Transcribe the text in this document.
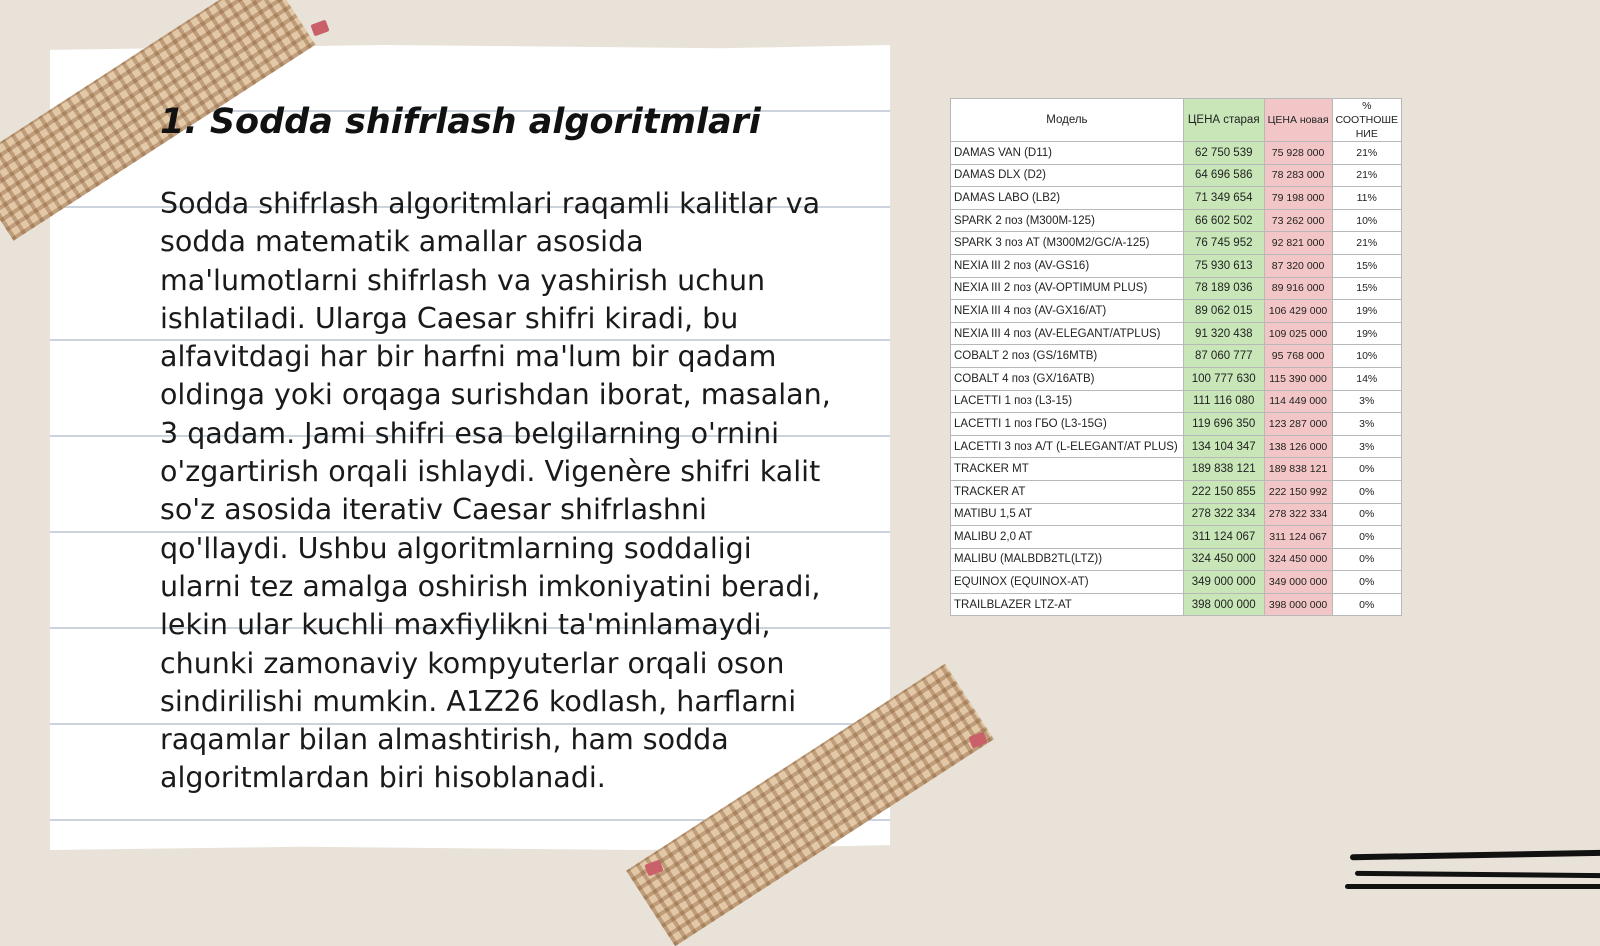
1. Sodda shifrlash algoritmlari

Sodda shifrlash algoritmlari raqamli kalitlar va sodda matematik amallar asosida ma'lumotlarni shifrlash va yashirish uchun ishlatiladi. Ularga Caesar shifri kiradi, bu alfavitdagi har bir harfni ma'lum bir qadam oldinga yoki orqaga surishdan iborat, masalan, 3 qadam. Jami shifri esa belgilarning o'rnini o'zgartirish orqali ishlaydi. Vigenère shifri kalit so'z asosida iterativ Caesar shifrlashni qo'llaydi. Ushbu algoritmlarning soddaligi ularni tez amalga oshirish imkoniyatini beradi, lekin ular kuchli maxfiylikni ta'minlamaydi, chunki zamonaviy kompyuterlar orqali oson sindirilishi mumkin. A1Z26 kodlash, harflarni raqamlar bilan almashtirish, ham sodda algoritmlardan biri hisoblanadi.

Модель	ЦЕНА старая	ЦЕНА новая	% СООТНОШЕ НИЕ
DAMAS VAN (D11)	62 750 539	75 928 000	21%
DAMAS DLX (D2)	64 696 586	78 283 000	21%
DAMAS LABO (LB2)	71 349 654	79 198 000	11%
SPARK 2 поз (M300M-125)	66 602 502	73 262 000	10%
SPARK 3 поз AT (M300M2/GC/A-125)	76 745 952	92 821 000	21%
NEXIA III 2 поз (AV-GS16)	75 930 613	87 320 000	15%
NEXIA III 2 поз (AV-OPTIMUM PLUS)	78 189 036	89 916 000	15%
NEXIA III 4 поз (AV-GX16/AT)	89 062 015	106 429 000	19%
NEXIA III 4 поз (AV-ELEGANT/ATPLUS)	91 320 438	109 025 000	19%
COBALT 2 поз (GS/16MTB)	87 060 777	95 768 000	10%
COBALT 4 поз (GX/16ATB)	100 777 630	115 390 000	14%
LACETTI 1 поз (L3-15)	111 116 080	114 449 000	3%
LACETTI 1 поз ГБО (L3-15G)	119 696 350	123 287 000	3%
LACETTI 3 поз А/Т (L-ELEGANT/AT PLUS)	134 104 347	138 126 000	3%
TRACKER MT	189 838 121	189 838 121	0%
TRACKER AT	222 150 855	222 150 992	0%
MATIBU 1,5 AT	278 322 334	278 322 334	0%
MALIBU 2,0 AT	311 124 067	311 124 067	0%
MALIBU (MALBDB2TL(LTZ))	324 450 000	324 450 000	0%
EQUINOX (EQUINOX-AT)	349 000 000	349 000 000	0%
TRAILBLAZER LTZ-AT	398 000 000	398 000 000	0%
